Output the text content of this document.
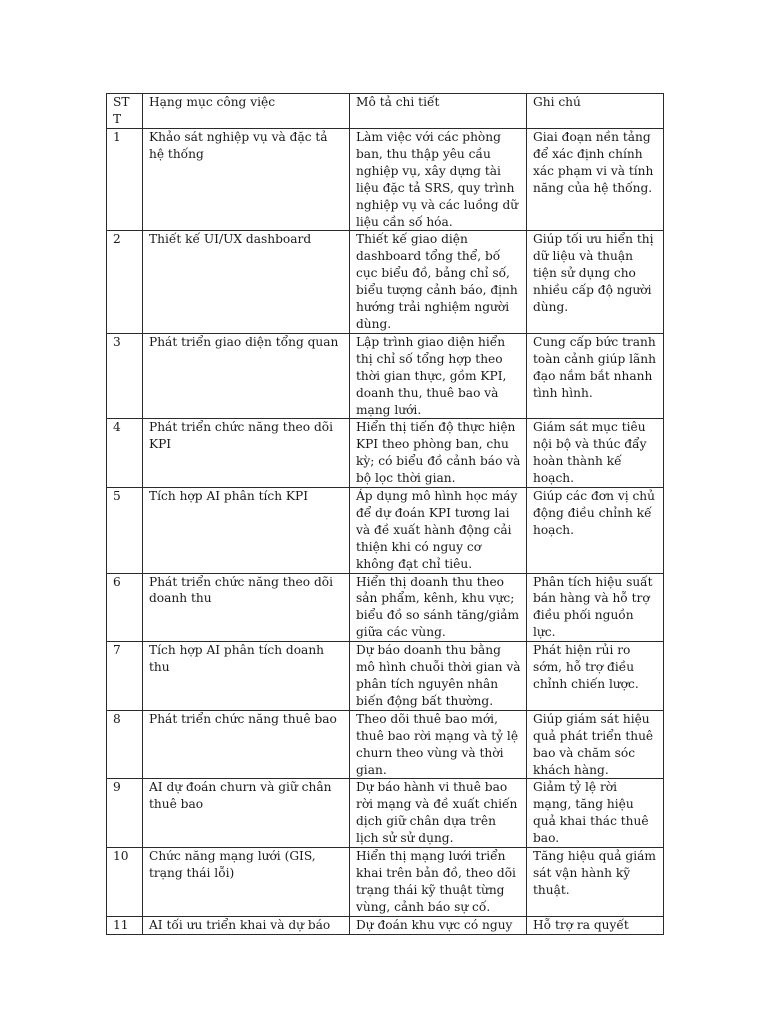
ST T	Hạng mục công việc	Mô tả chi tiết	Ghi chú

1	Khảo sát nghiệp vụ và đặc tả hệ thống	Làm việc với các phòng ban, thu thập yêu cầu nghiệp vụ, xây dựng tài liệu đặc tả SRS, quy trình nghiệp vụ và các luồng dữ liệu cần số hóa.	Giai đoạn nền tảng để xác định chính xác phạm vi và tính năng của hệ thống.

2	Thiết kế UI/UX dashboard	Thiết kế giao diện dashboard tổng thể, bố cục biểu đồ, bảng chỉ số, biểu tượng cảnh báo, định hướng trải nghiệm người dùng.	Giúp tối ưu hiển thị dữ liệu và thuận tiện sử dụng cho nhiều cấp độ người dùng.

3	Phát triển giao diện tổng quan	Lập trình giao diện hiển thị chỉ số tổng hợp theo thời gian thực, gồm KPI, doanh thu, thuê bao và mạng lưới.	Cung cấp bức tranh toàn cảnh giúp lãnh đạo nắm bắt nhanh tình hình.

4	Phát triển chức năng theo dõi KPI	Hiển thị tiến độ thực hiện KPI theo phòng ban, chu kỳ; có biểu đồ cảnh báo và bộ lọc thời gian.	Giám sát mục tiêu nội bộ và thúc đẩy hoàn thành kế hoạch.

5	Tích hợp AI phân tích KPI	Áp dụng mô hình học máy để dự đoán KPI tương lai và đề xuất hành động cải thiện khi có nguy cơ không đạt chỉ tiêu.	Giúp các đơn vị chủ động điều chỉnh kế hoạch.

6	Phát triển chức năng theo dõi doanh thu	Hiển thị doanh thu theo sản phẩm, kênh, khu vực; biểu đồ so sánh tăng/giảm giữa các vùng.	Phân tích hiệu suất bán hàng và hỗ trợ điều phối nguồn lực.

7	Tích hợp AI phân tích doanh thu	Dự báo doanh thu bằng mô hình chuỗi thời gian và phân tích nguyên nhân biến động bất thường.	Phát hiện rủi ro sớm, hỗ trợ điều chỉnh chiến lược.

8	Phát triển chức năng thuê bao	Theo dõi thuê bao mới, thuê bao rời mạng và tỷ lệ churn theo vùng và thời gian.	Giúp giám sát hiệu quả phát triển thuê bao và chăm sóc khách hàng.

9	AI dự đoán churn và giữ chân thuê bao	Dự báo hành vi thuê bao rời mạng và đề xuất chiến dịch giữ chân dựa trên lịch sử sử dụng.	Giảm tỷ lệ rời mạng, tăng hiệu quả khai thác thuê bao.

10	Chức năng mạng lưới (GIS, trạng thái lỗi)	Hiển thị mạng lưới triển khai trên bản đồ, theo dõi trạng thái kỹ thuật từng vùng, cảnh báo sự cố.	Tăng hiệu quả giám sát vận hành kỹ thuật.

11	AI tối ưu triển khai và dự báo	Dự đoán khu vực có nguy	Hỗ trợ ra quyết
